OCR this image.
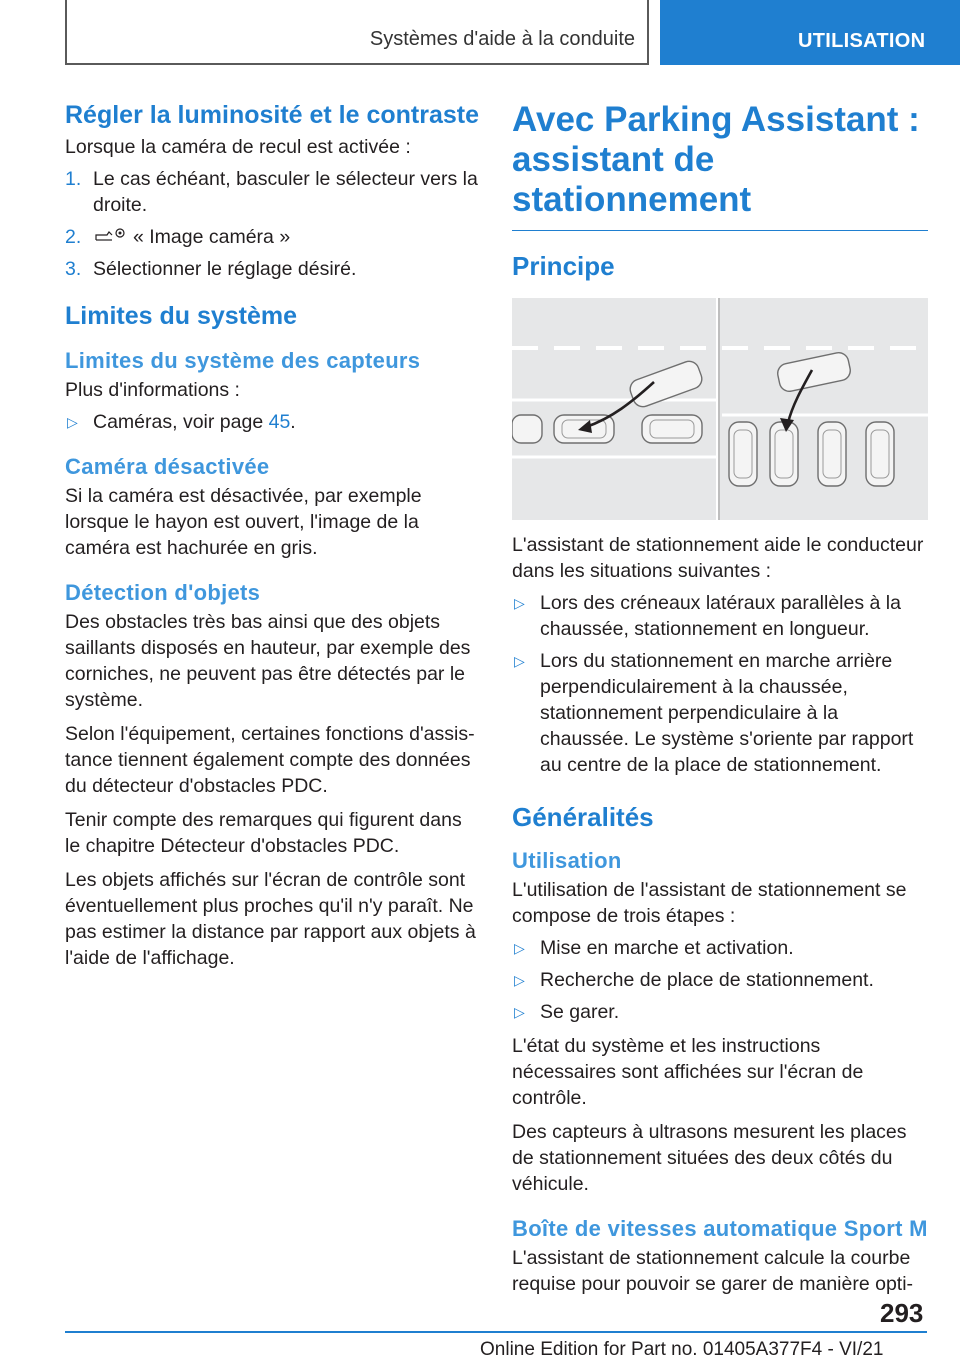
Systèmes d'aide à la conduite	UTILISATION
Régler la luminosité et le contraste

Lorsque la caméra de recul est activée :

1. Le cas échéant, basculer le sélecteur vers la droite.
2.	« Image caméra »
3. Sélectionner le réglage désiré.
Limites du système
Limites du système des capteurs

Plus d'informations :

▷ Caméras, voir page 45.
Caméra désactivée

Si la caméra est désactivée, par exemple lorsque le hayon est ouvert, l'image de la caméra est hachurée en gris.

Détection d'objets

Des obstacles très bas ainsi que des objets saillants disposés en hauteur, par exemple des corniches, ne peuvent pas être détectés par le système.

Selon l'équipement, certaines fonctions d'assistance tiennent également compte des données du détecteur d'obstacles PDC.

Tenir compte des remarques qui figurent dans le chapitre Détecteur d'obstacles PDC.

Les objets affichés sur l'écran de contrôle sont éventuellement plus proches qu'il n'y paraît. Ne pas estimer la distance par rapport aux objets à l'aide de l'affichage.

Avec Parking Assistant : assistant de stationnement
Principe

L'assistant de stationnement aide le conducteur dans les situations suivantes :

▷ Lors des créneaux latéraux parallèles à la chaussée, stationnement en longueur.
▷ Lors du stationnement en marche arrière perpendiculairement à la chaussée, stationnement perpendiculaire à la chaussée. Le système s'oriente par rapport au centre de la place de stationnement.
Généralités
Utilisation

L'utilisation de l'assistant de stationnement se compose de trois étapes :

▷ Mise en marche et activation.
▷ Recherche de place de stationnement.
▷ Se garer.

L'état du système et les instructions nécessaires sont affichées sur l'écran de contrôle.

Des capteurs à ultrasons mesurent les places de stationnement situées des deux côtés du véhicule.

Boîte de vitesses automatique Sport M

L'assistant de stationnement calcule la courbe requise pour pouvoir se garer de manière opti-

293
Online Edition for Part no. 01405A377F4 - VI/21
